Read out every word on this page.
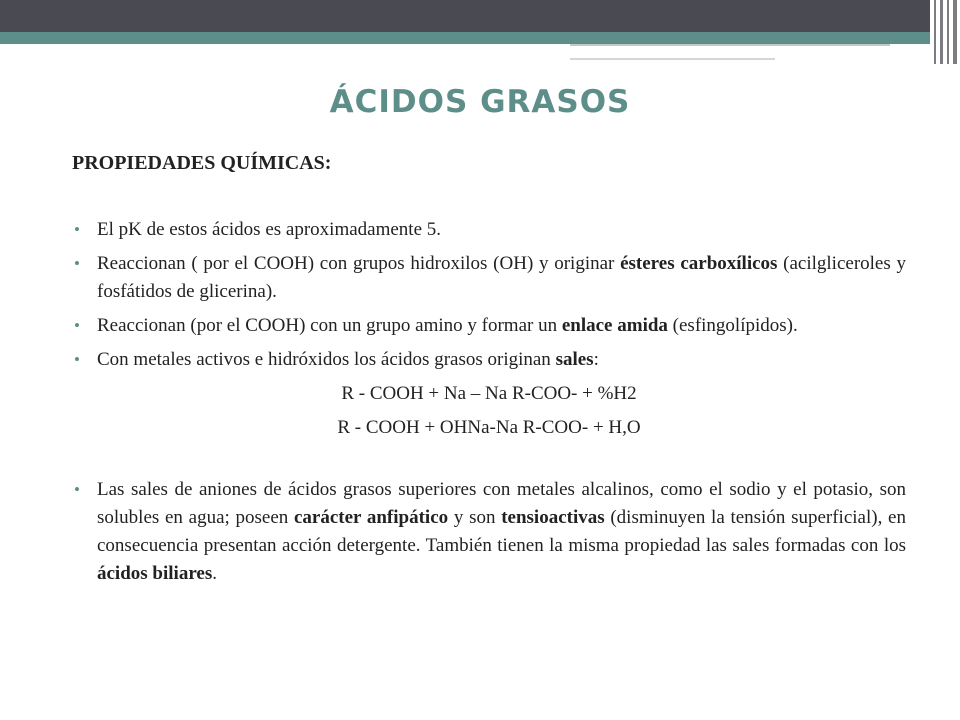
ÁCIDOS GRASOS
PROPIEDADES QUÍMICAS:

• El pK de estos ácidos es aproximadamente 5.

• Reaccionan ( por el COOH) con grupos hidroxilos (OH) y originar ésteres carboxílicos (acilgliceroles y fosfátidos de glicerina).

• Reaccionan (por el COOH) con un grupo amino y formar un enlace amida (esfingolípidos).

• Con metales activos e hidróxidos los ácidos grasos originan sales:

R - COOH + Na – Na R-COO- + %H2

R - COOH + OHNa-Na R-COO- + H,O

• Las sales de aniones de ácidos grasos superiores con metales alcalinos, como el sodio y el potasio, son solubles en agua; poseen carácter anfipático y son tensioactivas (disminuyen la tensión superficial), en consecuencia presentan acción detergente. También tienen la misma propiedad las sales formadas con los ácidos biliares.
